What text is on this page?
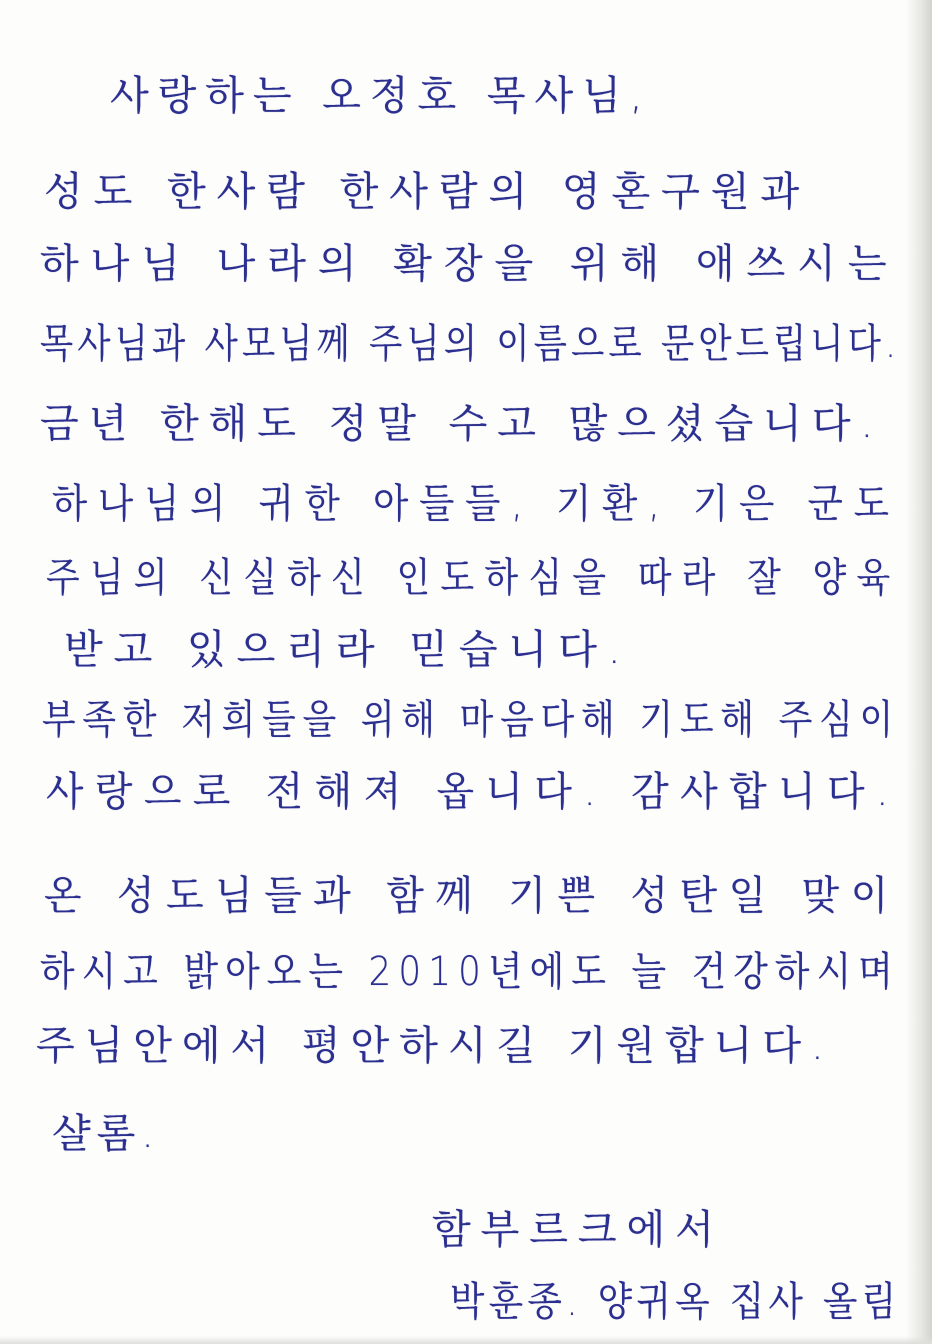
사랑하는 오정호 목사님,
성도 한사람 한사람의 영혼구원과
하나님 나라의 확장을 위해 애쓰시는
목사님과 사모님께 주님의 이름으로 문안드립니다.
금년 한해도 정말 수고 많으셨습니다.
하나님의 귀한 아들들, 기환, 기은 군도
주님의 신실하신 인도하심을 따라 잘 양육
받고 있으리라 믿습니다.
부족한 저희들을 위해 마음다해 기도해 주심이
사랑으로 전해져 옵니다. 감사합니다.
온 성도님들과 함께 기쁜 성탄일 맞이
하시고 밝아오는 2010년에도 늘 건강하시며
주님안에서 평안하시길 기원합니다.
샬롬.
함부르크에서
박훈종. 양귀옥 집사 올림
